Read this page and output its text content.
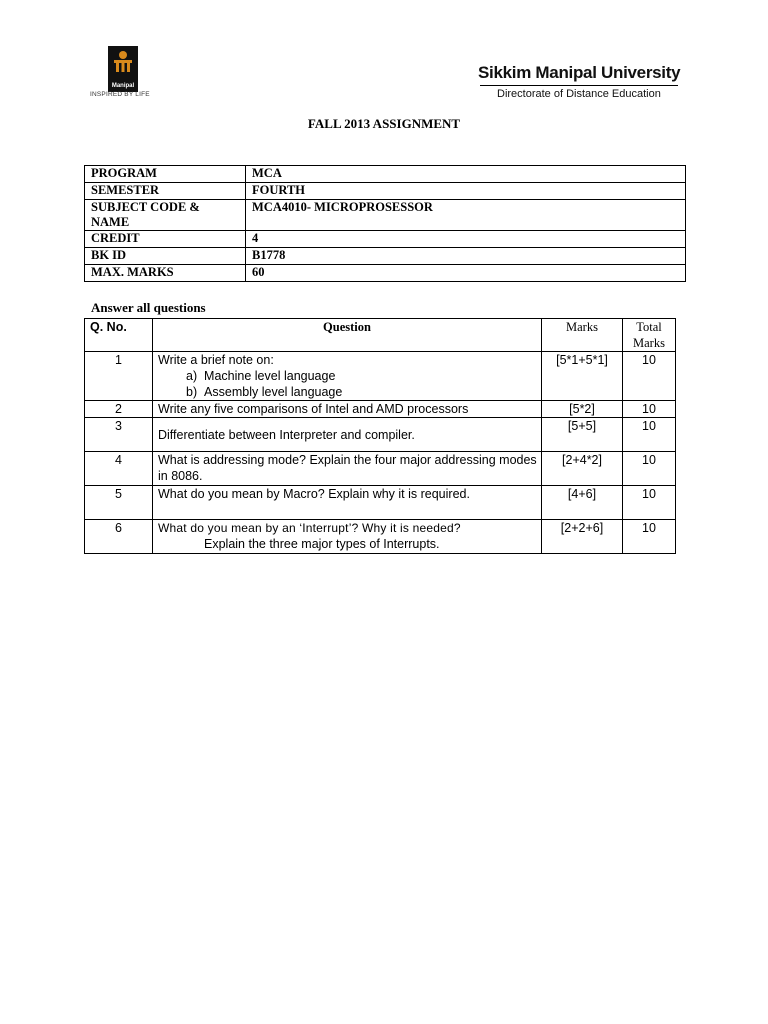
Manipal
INSPIRED BY LIFE
Sikkim Manipal University
Directorate of Distance Education
FALL 2013 ASSIGNMENT
PROGRAM	MCA
SEMESTER	FOURTH
SUBJECT CODE &
NAME	MCA4010- MICROPROSESSOR
CREDIT	4
BK ID	B1778
MAX. MARKS	60
Answer all questions
Q. No.	Question	Marks	Total Marks
1	Write a brief note on:
a)  Machine level language
b)  Assembly level language	[5*1+5*1]	10
2	Write any five comparisons of Intel and AMD processors	[5*2]	10
3	Differentiate between Interpreter and compiler.	[5+5]	10
4	What is addressing mode? Explain the four major addressing modes in 8086.	[2+4*2]	10
5	What do you mean by Macro? Explain why it is required.	[4+6]	10
6	What do you mean by an ‘Interrupt’? Why it is needed?
Explain the three major types of Interrupts.	[2+2+6]	10
